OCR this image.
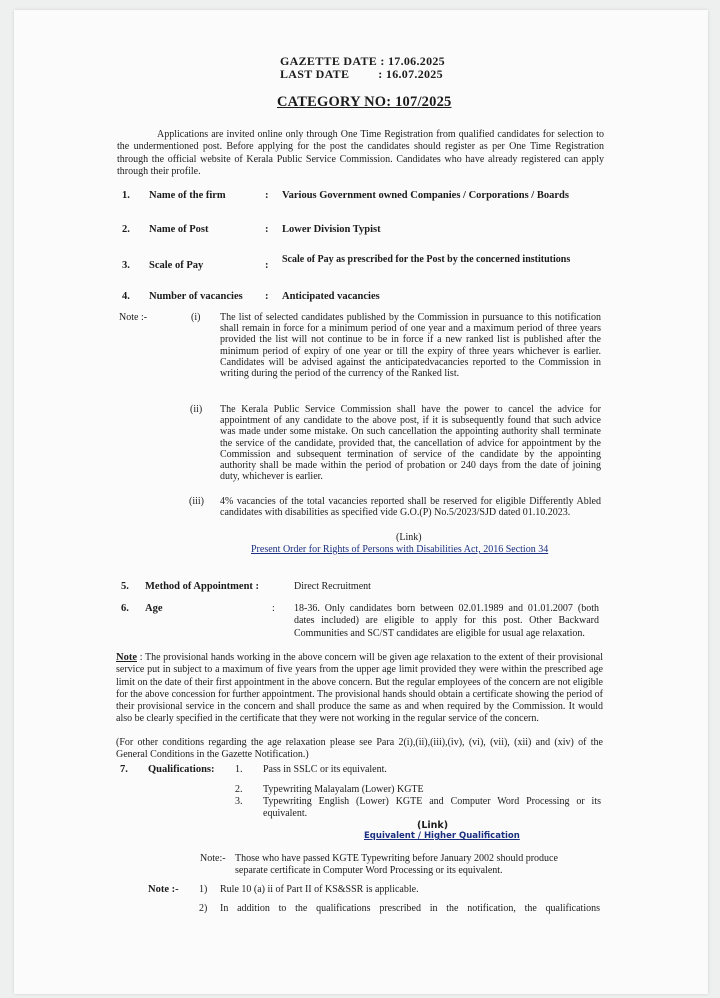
GAZETTE DATE : 17.06.2025
LAST DATE : 16.07.2025
CATEGORY NO: 107/2025
Applications are invited online only through One Time Registration from qualified candidates for selection to the undermentioned post. Before applying for the post the candidates should register as per One Time Registration through the official website of Kerala Public Service Commission. Candidates who have already registered can apply through their profile.
1. Name of the firm	: Various Government owned Companies / Corporations / Boards
2. Name of Post	: Lower Division Typist
3. Scale of Pay	:
Scale of Pay as prescribed for the Post by the concerned institutions
4. Number of vacancies : Anticipated vacancies
Note :-	(i) The list of selected candidates published by the Commission in pursuance to this notification shall remain in force for a minimum period of one year and a maximum period of three years provided the list will not continue to be in force if a new ranked list is published after the minimum period of expiry of one year or till the expiry of three years whichever is earlier. Candidates will be advised against the anticipatedvacancies reported to the Commission in writing during the period of the currency of the Ranked list.
(ii) The Kerala Public Service Commission shall have the power to cancel the advice for appointment of any candidate to the above post, if it is subsequently found that such advice was made under some mistake. On such cancellation the appointing authority shall terminate the service of the candidate, provided that, the cancellation of advice for appointment by the Commission and subsequent termination of service of the candidate by the appointing authority shall be made within the period of probation or 240 days from the date of joining duty, whichever is earlier.
(iii) 4% vacancies of the total vacancies reported shall be reserved for eligible Differently Abled candidates with disabilities as specified vide G.O.(P) No.5/2023/SJD dated 01.10.2023.
(Link)
Present Order for Rights of Persons with Disabilities Act, 2016 Section 34
5. Method of Appointment :	Direct Recruitment
6. Age	: 18-36. Only candidates born between 02.01.1989 and 01.01.2007 (both dates included) are eligible to apply for this post. Other Backward Communities and SC/ST candidates are eligible for usual age relaxation.
Note : The provisional hands working in the above concern will be given age relaxation to the extent of their provisional service put in subject to a maximum of five years from the upper age limit provided they were within the prescribed age limit on the date of their first appointment in the above concern. But the regular employees of the concern are not eligible for the above concession for further appointment. The provisional hands should obtain a certificate showing the period of their provisional service in the concern and shall produce the same as and when required by the Commission. It would also be clearly specified in the certificate that they were not working in the regular service of the concern.
(For other conditions regarding the age relaxation please see Para 2(i),(ii),(iii),(iv), (vi), (vii), (xii) and (xiv) of the General Conditions in the Gazette Notification.)
7. Qualifications: 1. Pass in SSLC or its equivalent.
2. Typewriting Malayalam (Lower) KGTE
3. Typewriting English (Lower) KGTE and Computer Word Processing or its equivalent.
(Link)
Equivalent / Higher Qualification
Note:- Those who have passed KGTE Typewriting before January 2002 should produce separate certificate in Computer Word Processing or its equivalent.
Note :- 1) Rule 10 (a) ii of Part II of KS&SSR is applicable.
2) In addition to the qualifications prescribed in the notification, the qualifications
